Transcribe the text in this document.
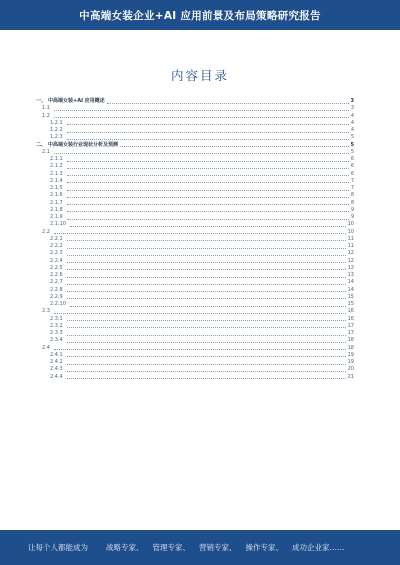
中高端女装企业+AI 应用前景及布局策略研究报告
内容目录
一、 中高端女装+AI 应用概述	3
1.1	3
1.2	4
1.2.1	4
1.2.2	4
1.2.3	5
二、 中高端女装行业现状分析及预测	5
2.1	5
2.1.1	6
2.1.2	6
2.1.3	6
2.1.4	7
2.1.5	7
2.1.6	8
2.1.7	8
2.1.8	9
2.1.9	9
2.1.10	10
2.2	10
2.2.1	11
2.2.2	11
2.2.3	12
2.2.4	12
2.2.5	13
2.2.6	13
2.2.7	14
2.2.8	14
2.2.9	15
2.2.10	15
2.3	16
2.3.1	16
2.3.2	17
2.3.3	17
2.3.4	18
2.4	18
2.4.1	19
2.4.2	19
2.4.3	20
2.4.4	21
让每个人都能成为 战略专家、 管理专家、 营销专家、 操作专家、 成功企业家……
